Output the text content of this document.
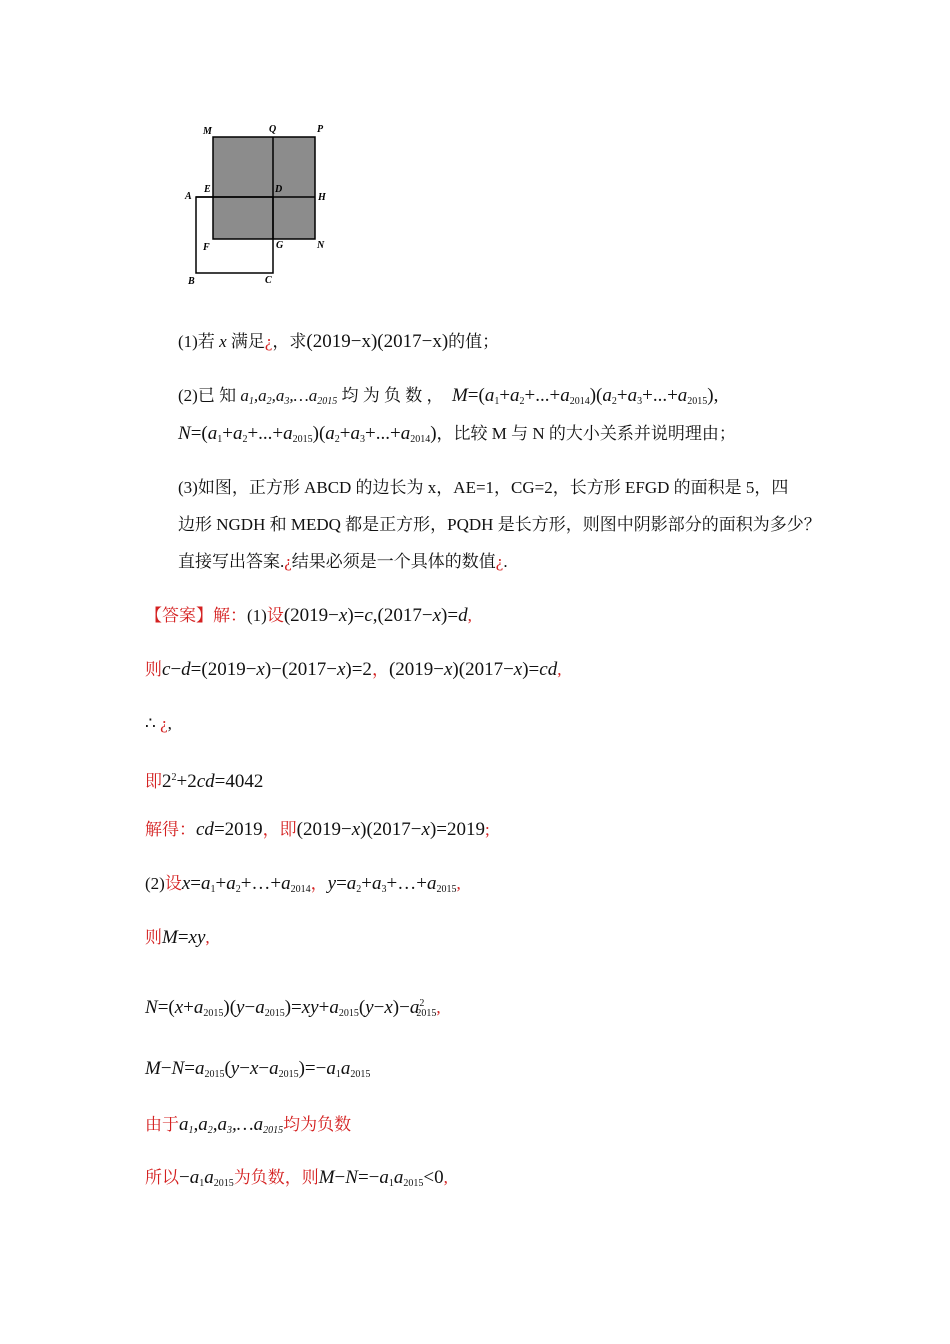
M	Q	P
A
E	D
H
F	G	N
B	C
(1)若 x 满足¿，求(2019−x)(2017−x)的值；
(2)已 知 $a_1,a_2,a_3,\dots a_{2015}$ 均 为 负 数 ， $M=(a_1+a_2+...+a_{2014})(a_2+a_3+...+a_{2015})$,
$N=(a_1+a_2+...+a_{2015})(a_2+a_3+...+a_{2014})$，比较 M 与 N 的大小关系并说明理由；
(3)如图，正方形 ABCD 的边长为 x，AE=1，CG=2，长方形 EFGD 的面积是 5，四
边形 NGDH 和 MEDQ 都是正方形，PQDH 是长方形，则图中阴影部分的面积为多少？
直接写出答案.¿结果必须是一个具体的数值¿.
【答案】解：(1)设(2019−x)=c,(2017−x)=d,
则c−d=(2019−x)−(2017−x)=2，(2019−x)(2017−x)=cd,
∴ ¿,
即$2^2+2cd=4042$
解得：cd=2019，即(2019−x)(2017−x)=2019;
(2)设$x=a_1+a_2+\dots+a_{2014}$，$y=a_2+a_3+\dots+a_{2015}$,
则M=xy,
$N=(x+a_{2015})(y-a_{2015})=xy+a_{2015}(y-x)-a^2_{2015}$,
$M-N=a_{2015}(y-x-a_{2015})=-a_1a_{2015}$
由于$a_1,a_2,a_3,\dots a_{2015}$均为负数
所以$-a_1a_{2015}$为负数，则$M-N=-a_1a_{2015}<0$,
